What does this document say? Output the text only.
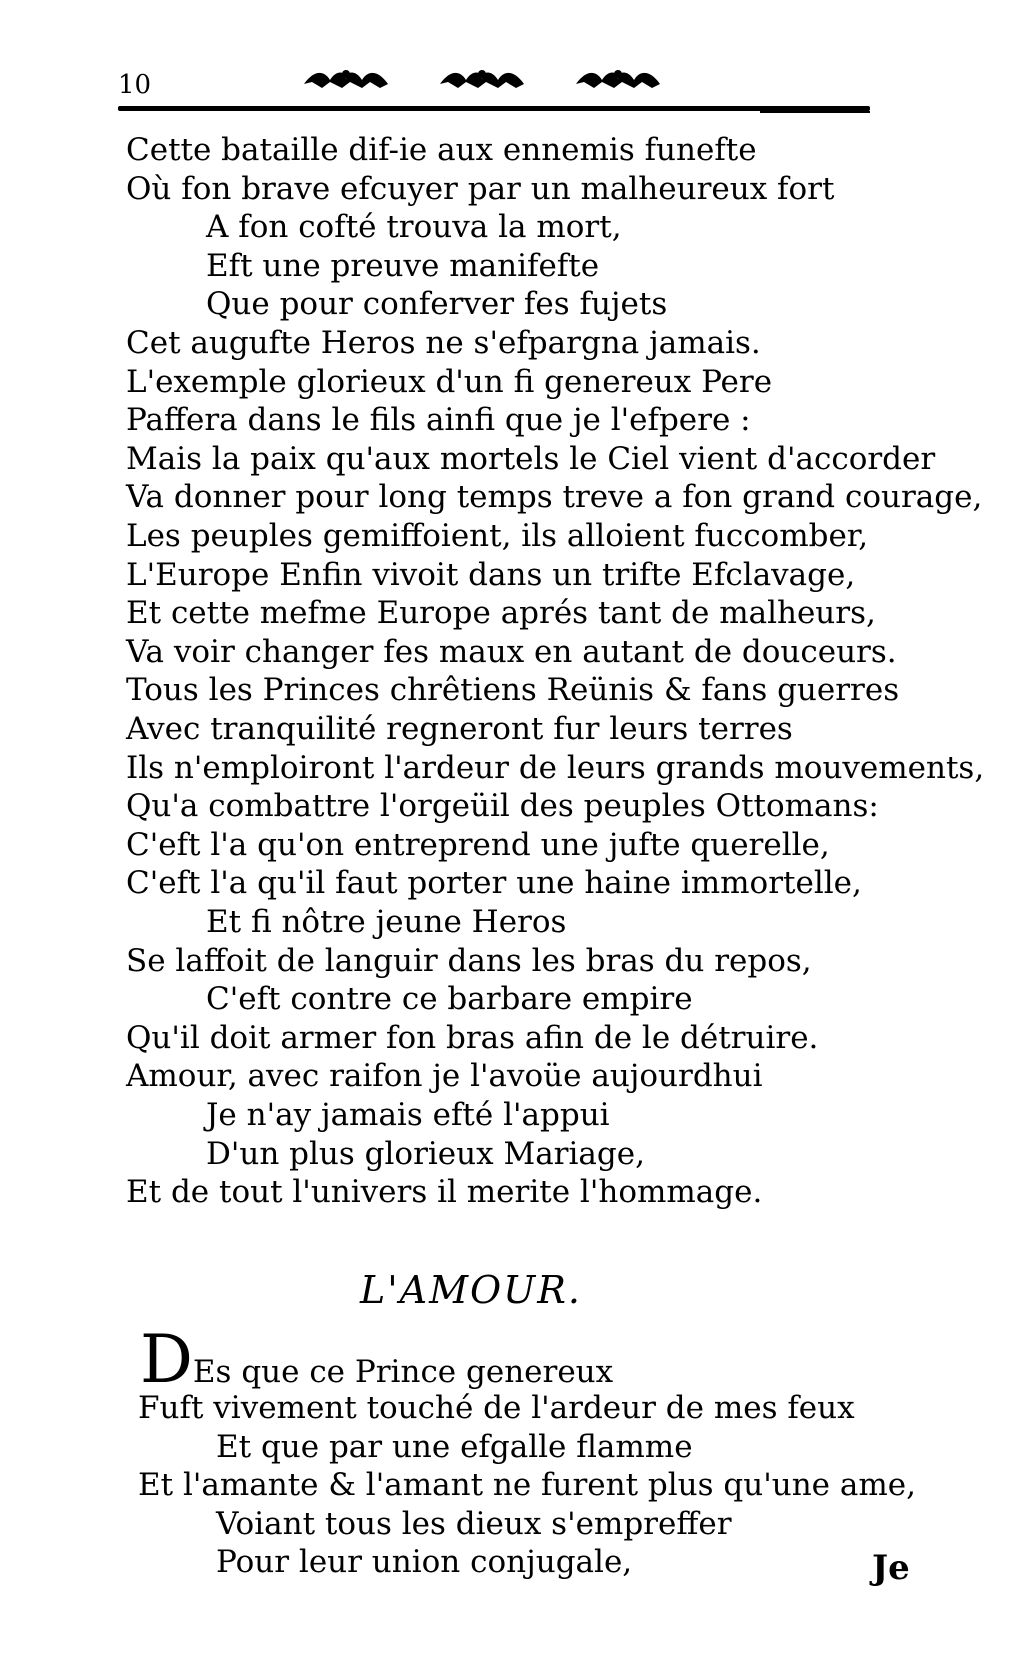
10
Cette bataille dif-ie aux ennemis funefte
Où fon brave efcuyer par un malheureux fort
A fon cofté trouva la mort,
Eft une preuve manifefte
Que pour conferver fes fujets
Cet augufte Heros ne s'efpargna jamais.
L'exemple glorieux d'un fi genereux Pere
Paffera dans le fils ainfi que je l'efpere :
Mais la paix qu'aux mortels le Ciel vient d'accorder
Va donner pour long temps treve a fon grand courage,
Les peuples gemiffoient, ils alloient fuccomber,
L'Europe Enfin vivoit dans un trifte Efclavage,
Et cette mefme Europe aprés tant de malheurs,
Va voir changer fes maux en autant de douceurs.
Tous les Princes chrêtiens Reünis & fans guerres
Avec tranquilité regneront fur leurs terres
Ils n'emploiront l'ardeur de leurs grands mouvements,
Qu'a combattre l'orgeüil des peuples Ottomans:
C'eft l'a qu'on entreprend une jufte querelle,
C'eft l'a qu'il faut porter une haine immortelle,
Et fi nôtre jeune Heros
Se laffoit de languir dans les bras du repos,
C'eft contre ce barbare empire
Qu'il doit armer fon bras afin de le détruire.
Amour, avec raifon je l'avoüe aujourdhui
Je n'ay jamais efté l'appui
D'un plus glorieux Mariage,
Et de tout l'univers il merite l'hommage.
L'AMOUR.
DEs que ce Prince genereux
Fuft vivement touché de l'ardeur de mes feux
Et que par une efgalle flamme
Et l'amante & l'amant ne furent plus qu'une ame,
Voiant tous les dieux s'empreffer
Pour leur union conjugale,	Je
